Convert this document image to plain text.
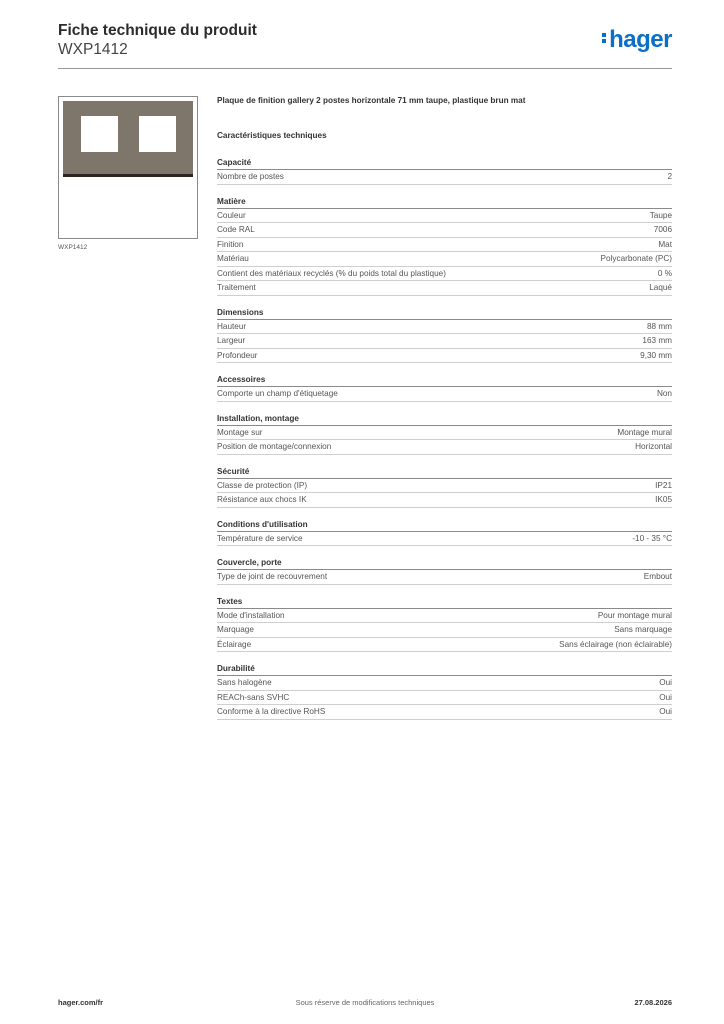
Fiche technique du produit
WXP1412	hager
WXP1412
Plaque de finition gallery 2 postes horizontale 71 mm taupe, plastique brun mat
Caractéristiques techniques
Capacité
Nombre de postes	2
Matière
Couleur	Taupe
Code RAL	7006
Finition	Mat
Matériau	Polycarbonate (PC)
Contient des matériaux recyclés (% du poids total du plastique)	0 %
Traitement	Laqué
Dimensions
Hauteur	88 mm
Largeur	163 mm
Profondeur	9,30 mm
Accessoires
Comporte un champ d'étiquetage	Non
Installation, montage
Montage sur	Montage mural
Position de montage/connexion	Horizontal
Sécurité
Classe de protection (IP)	IP21
Résistance aux chocs IK	IK05
Conditions d'utilisation
Température de service	-10 - 35 °C
Couvercle, porte
Type de joint de recouvrement	Embout
Textes
Mode d'installation	Pour montage mural
Marquage	Sans marquage
Éclairage	Sans éclairage (non éclairable)
Durabilité
Sans halogène	Oui
REACh-sans SVHC	Oui
Conforme à la directive RoHS	Oui
Sous réserve de modifications techniques
hager.com/fr	27.08.2026
